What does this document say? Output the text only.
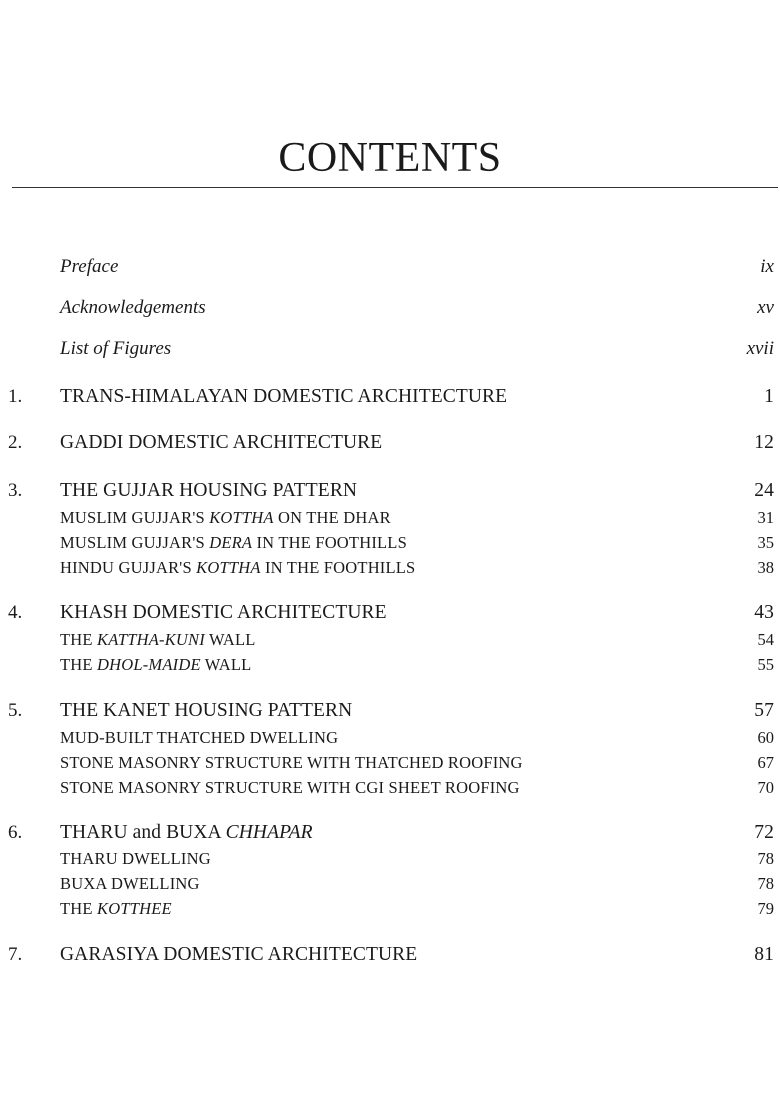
CONTENTS
Preface	ix
Acknowledgements	xv
List of Figures	xvii
1. TRANS-HIMALAYAN DOMESTIC ARCHITECTURE	1
2. GADDI DOMESTIC ARCHITECTURE	12
3. THE GUJJAR HOUSING PATTERN	24
MUSLIM GUJJAR'S KOTTHA ON THE DHAR	31
MUSLIM GUJJAR'S DERA IN THE FOOTHILLS	35
HINDU GUJJAR'S KOTTHA IN THE FOOTHILLS	38
4. KHASH DOMESTIC ARCHITECTURE	43
THE KATTHA-KUNI WALL	54
THE DHOL-MAIDE WALL	55
5. THE KANET HOUSING PATTERN	57
MUD-BUILT THATCHED DWELLING	60
STONE MASONRY STRUCTURE WITH THATCHED ROOFING	67
STONE MASONRY STRUCTURE WITH CGI SHEET ROOFING	70
6. THARU and BUXA CHHAPAR	72
THARU DWELLING	78
BUXA DWELLING	78
THE KOTTHEE	79
7. GARASIYA DOMESTIC ARCHITECTURE	81
